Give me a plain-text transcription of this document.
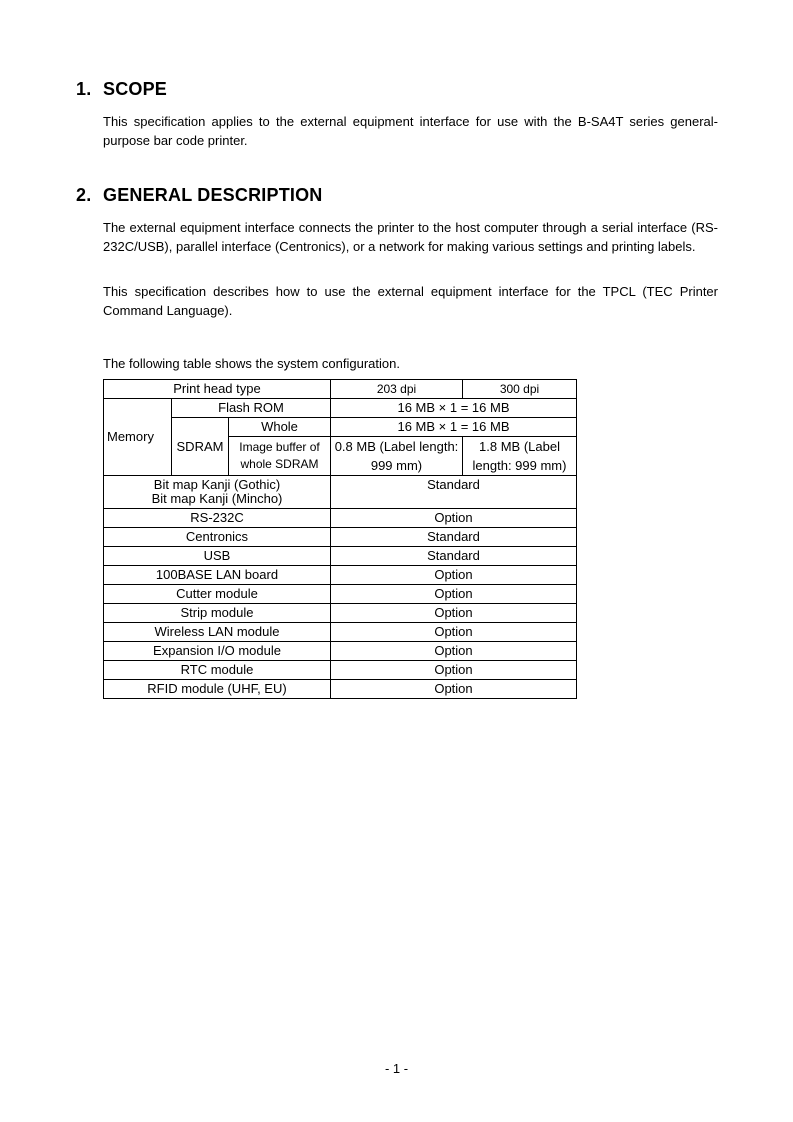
1. SCOPE
This specification applies to the external equipment interface for use with the B-SA4T series general-purpose bar code printer.
2. GENERAL DESCRIPTION
The external equipment interface connects the printer to the host computer through a serial interface (RS-232C/USB), parallel interface (Centronics), or a network for making various settings and printing labels.
This specification describes how to use the external equipment interface for the TPCL (TEC Printer Command Language).
The following table shows the system configuration.
Print head type			203 dpi	300 dpi
Memory	Flash ROM		16 MB × 1 = 16 MB	
	SDRAM	Whole	16 MB × 1 = 16 MB	
		Image buffer of whole SDRAM	0.8 MB (Label length: 999 mm)	1.8 MB (Label length: 999 mm)
Bit map Kanji (Gothic)
Bit map Kanji (Mincho)			Standard	
RS-232C			Option	
Centronics			Standard	
USB			Standard	
100BASE LAN board			Option	
Cutter module			Option	
Strip module			Option	
Wireless LAN module			Option	
Expansion I/O module			Option	
RTC module			Option	
RFID module (UHF, EU)			Option	
- 1 -
